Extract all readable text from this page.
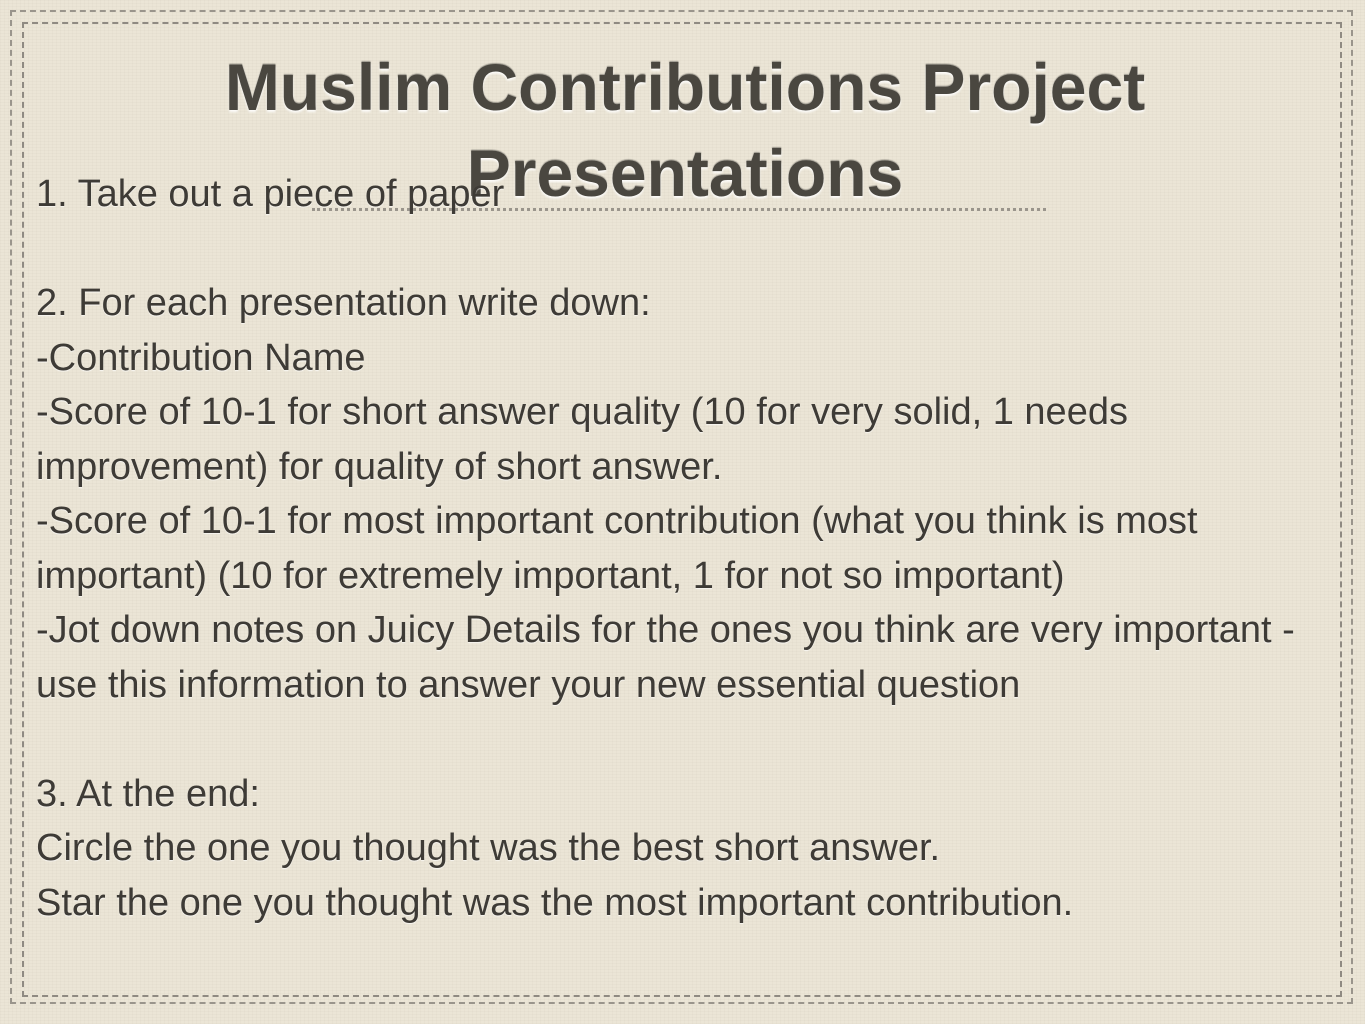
Muslim Contributions Project Presentations
1. Take out a piece of paper
2. For each presentation write down:
-Contribution Name
-Score of 10-1 for short answer quality (10 for very solid, 1 needs improvement) for quality of short answer.
-Score of 10-1 for most important contribution (what you think is most important) (10 for extremely important, 1 for not so important)
-Jot down notes on Juicy Details for the ones you think are very important - use this information to answer your new essential question
3. At the end:
Circle the one you thought was the best short answer.
Star the one you thought was the most important contribution.
